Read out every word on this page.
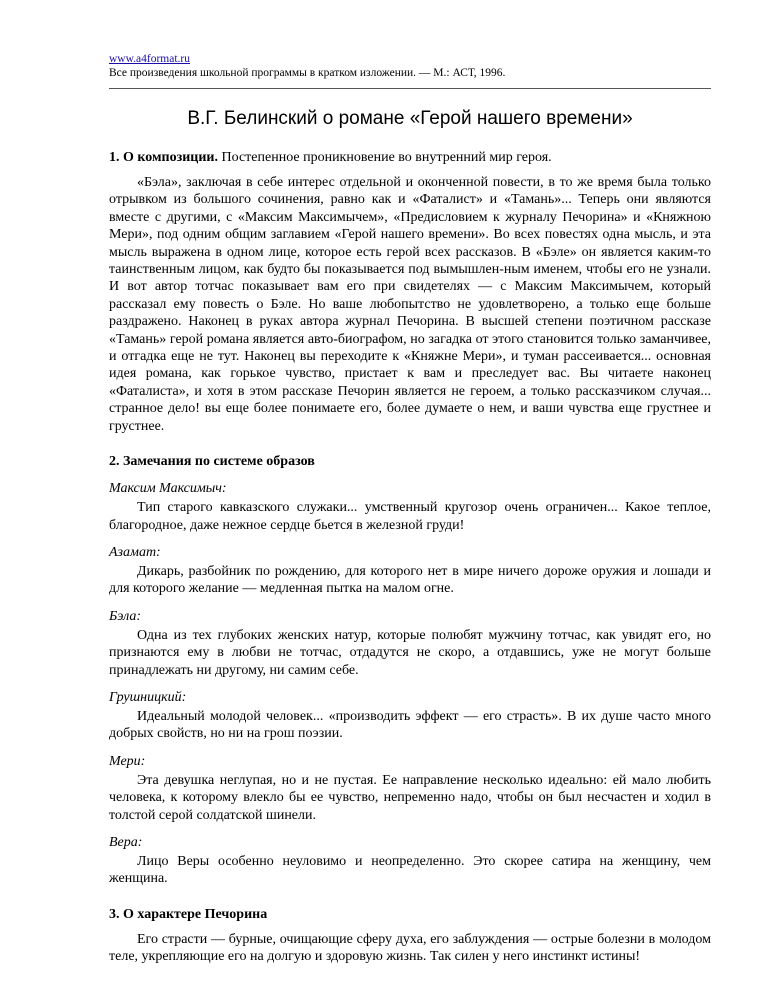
www.a4format.ru
Все произведения школьной программы в кратком изложении. — М.: АСТ, 1996.
В.Г. Белинский о романе «Герой нашего времени»
1. О композиции. Постепенное проникновение во внутренний мир героя.

«Бэла», заключая в себе интерес отдельной и оконченной повести, в то же время была только отрывком из большого сочинения, равно как и «Фаталист» и «Тамань»... Теперь они являются вместе с другими, с «Максим Максимычем», «Предисловием к журналу Печорина» и «Княжною Мери», под одним общим заглавием «Герой нашего времени». Во всех повестях одна мысль, и эта мысль выражена в одном лице, которое есть герой всех рассказов. В «Бэле» он является каким-то таинственным лицом, как будто бы показывается под вымышлен-ным именем, чтобы его не узнали. И вот автор тотчас показывает вам его при свидетелях — с Максим Максимычем, который рассказал ему повесть о Бэле. Но ваше любопытство не удовлетворено, а только еще больше раздражено. Наконец в руках автора журнал Печорина. В высшей степени поэтичном рассказе «Тамань» герой романа является авто-биографом, но загадка от этого становится только заманчивее, и отгадка еще не тут. Наконец вы переходите к «Княжне Мери», и туман рассеивается... основная идея романа, как горькое чувство, пристает к вам и преследует вас. Вы читаете наконец «Фаталиста», и хотя в этом рассказе Печорин является не героем, а только рассказчиком случая... странное дело! вы еще более понимаете его, более думаете о нем, и ваши чувства еще грустнее и грустнее.

2. Замечания по системе образов
Максим Максимыч:

Тип старого кавказского служаки... умственный кругозор очень ограничен... Какое теплое, благородное, даже нежное сердце бьется в железной груди!

Азамат:

Дикарь, разбойник по рождению, для которого нет в мире ничего дороже оружия и лошади и для которого желание — медленная пытка на малом огне.

Бэла:

Одна из тех глубоких женских натур, которые полюбят мужчину тотчас, как увидят его, но признаются ему в любви не тотчас, отдадутся не скоро, а отдавшись, уже не могут больше принадлежать ни другому, ни самим себе.

Грушницкий:

Идеальный молодой человек... «производить эффект — его страсть». В их душе часто много добрых свойств, но ни на грош поэзии.

Мери:

Эта девушка неглупая, но и не пустая. Ее направление несколько идеально: ей мало любить человека, к которому влекло бы ее чувство, непременно надо, чтобы он был несчастен и ходил в толстой серой солдатской шинели.

Вера:

Лицо Веры особенно неуловимо и неопределенно. Это скорее сатира на женщину, чем женщина.

3. О характере Печорина

Его страсти — бурные, очищающие сферу духа, его заблуждения — острые болезни в молодом теле, укрепляющие его на долгую и здоровую жизнь. Так силен у него инстинкт истины!
